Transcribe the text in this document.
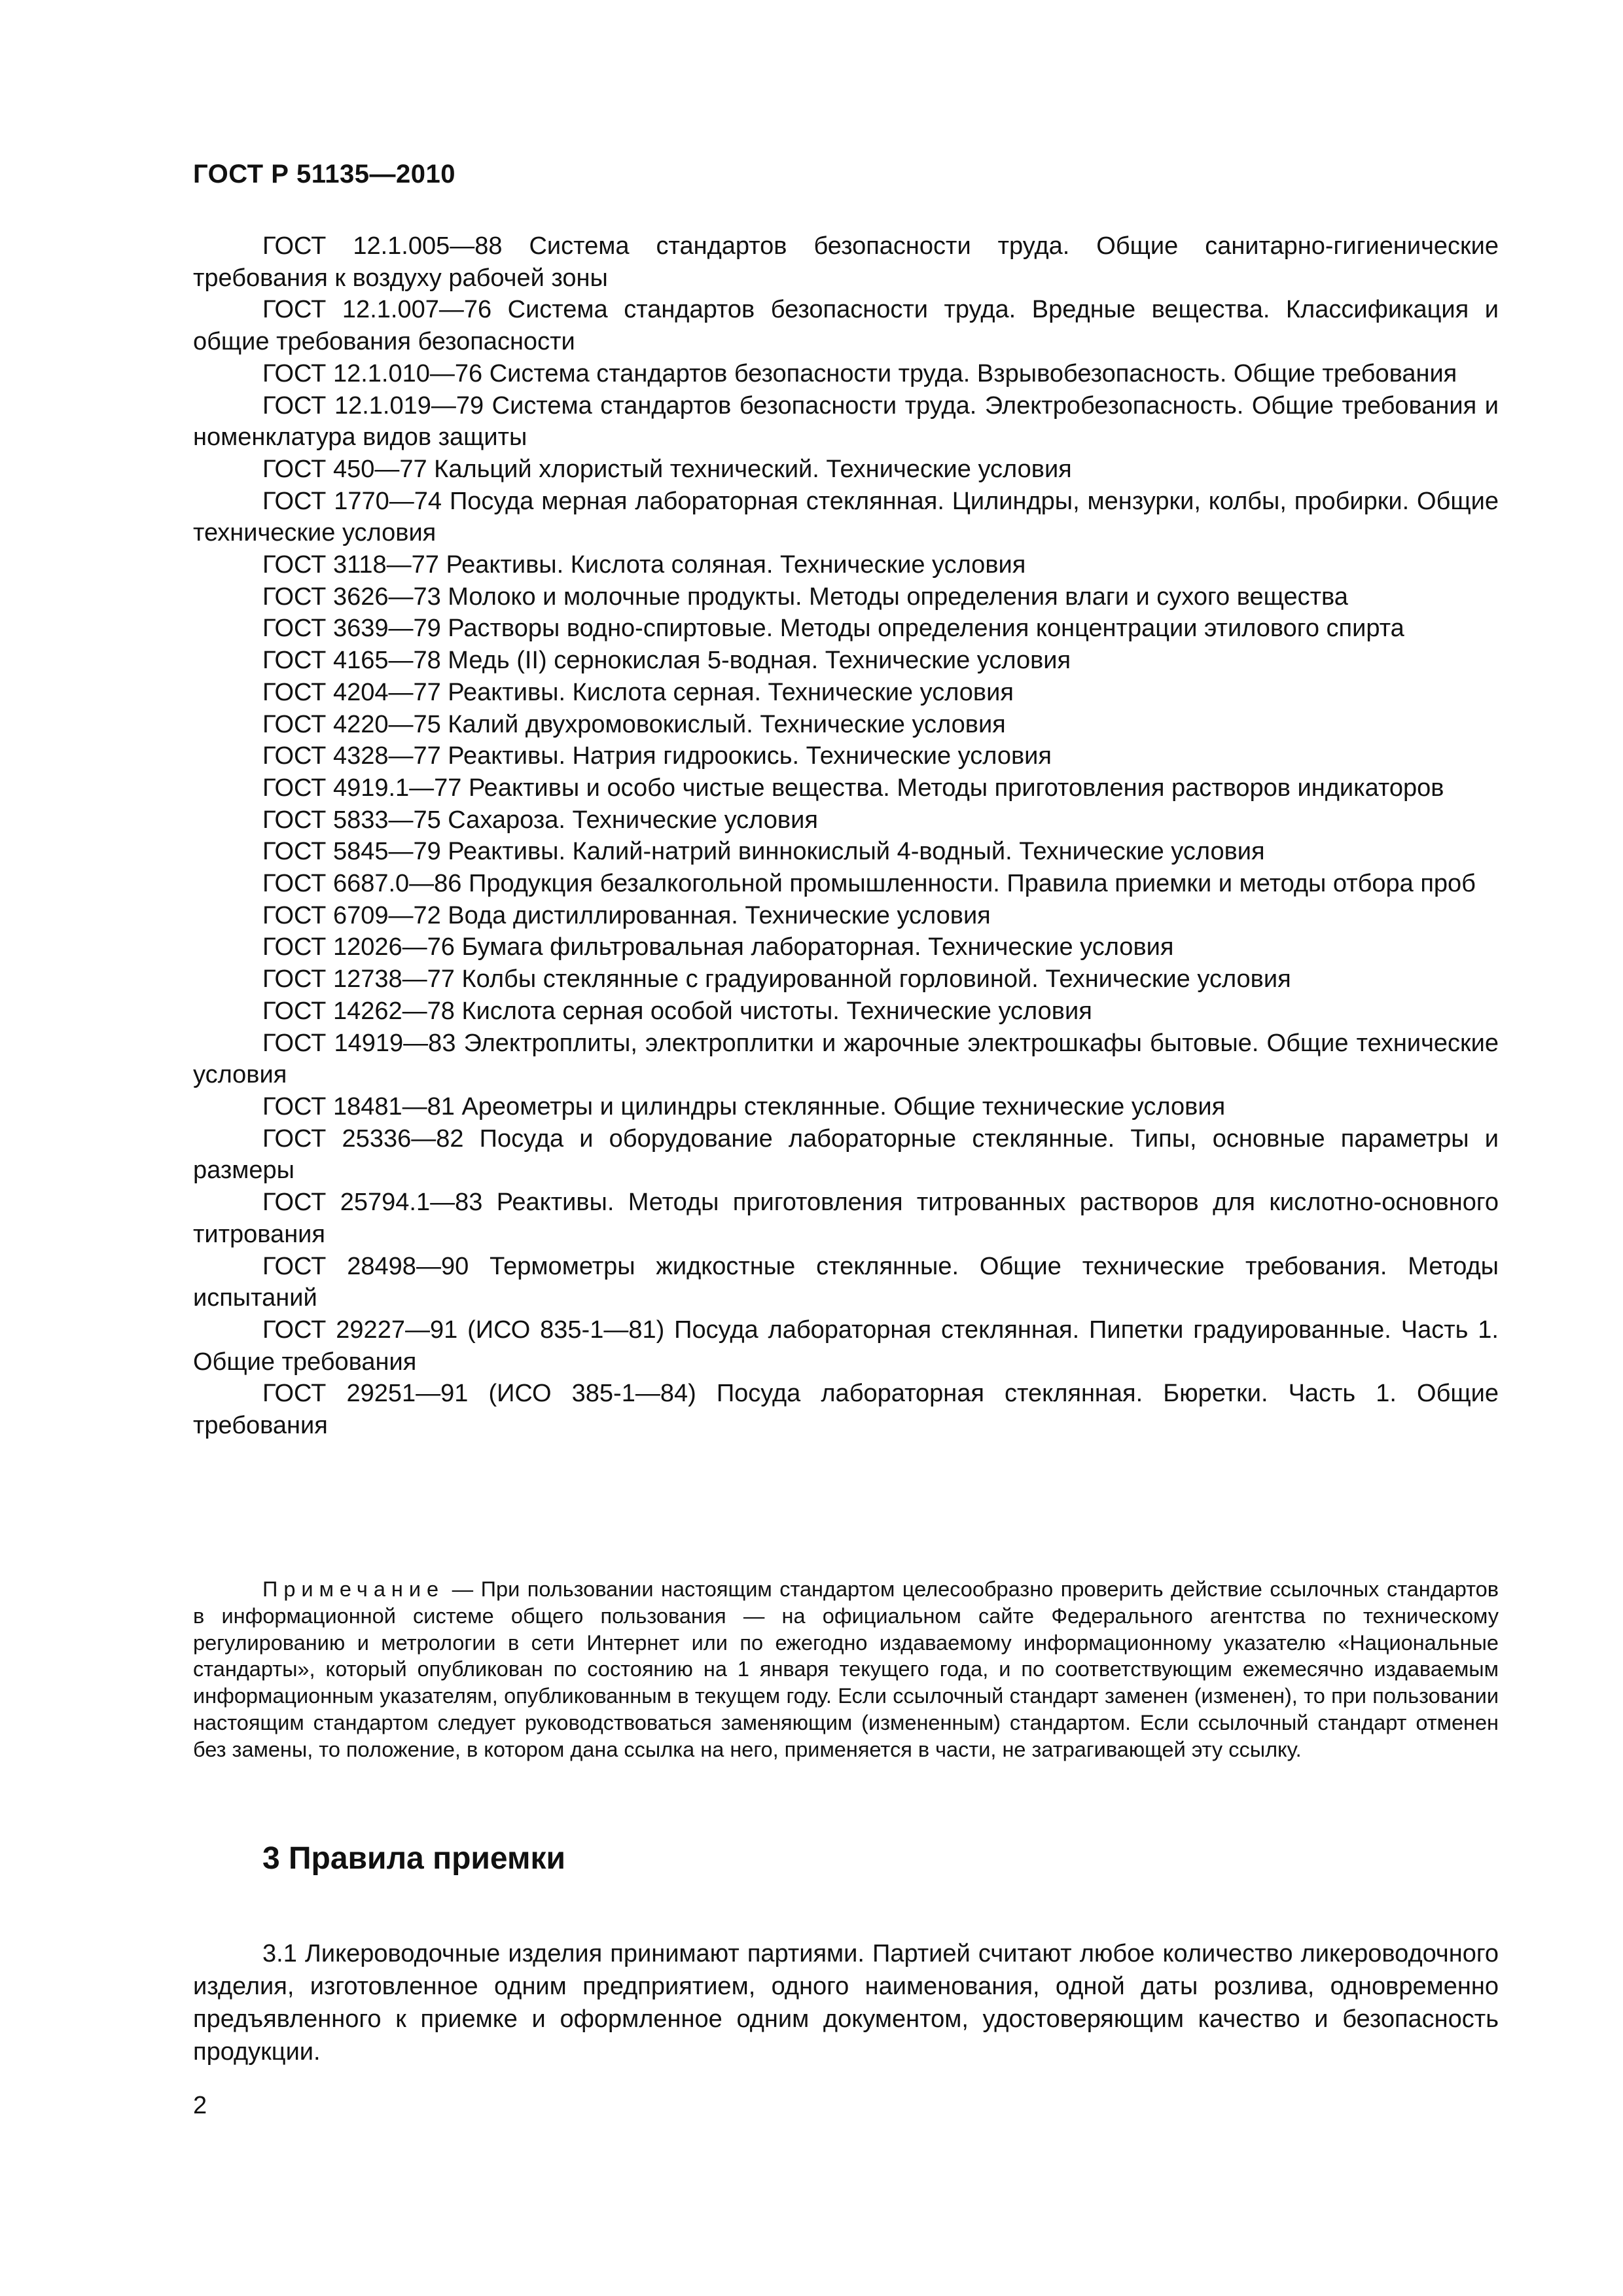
ГОСТ Р 51135—2010

ГОСТ 12.1.005—88 Система стандартов безопасности труда. Общие санитарно-гигиенические требования к воздуху рабочей зоны

ГОСТ 12.1.007—76 Система стандартов безопасности труда. Вредные вещества. Классификация и общие требования безопасности

ГОСТ 12.1.010—76 Система стандартов безопасности труда. Взрывобезопасность. Общие требования

ГОСТ 12.1.019—79 Система стандартов безопасности труда. Электробезопасность. Общие требования и номенклатура видов защиты

ГОСТ 450—77 Кальций хлористый технический. Технические условия

ГОСТ 1770—74 Посуда мерная лабораторная стеклянная. Цилиндры, мензурки, колбы, пробирки. Общие технические условия

ГОСТ 3118—77 Реактивы. Кислота соляная. Технические условия

ГОСТ 3626—73 Молоко и молочные продукты. Методы определения влаги и сухого вещества

ГОСТ 3639—79 Растворы водно-спиртовые. Методы определения концентрации этилового спирта

ГОСТ 4165—78 Медь (II) сернокислая 5-водная. Технические условия

ГОСТ 4204—77 Реактивы. Кислота серная. Технические условия

ГОСТ 4220—75 Калий двухромовокислый. Технические условия

ГОСТ 4328—77 Реактивы. Натрия гидроокись. Технические условия

ГОСТ 4919.1—77 Реактивы и особо чистые вещества. Методы приготовления растворов индикаторов

ГОСТ 5833—75 Сахароза. Технические условия

ГОСТ 5845—79 Реактивы. Калий-натрий виннокислый 4-водный. Технические условия

ГОСТ 6687.0—86 Продукция безалкогольной промышленности. Правила приемки и методы отбора проб

ГОСТ 6709—72 Вода дистиллированная. Технические условия

ГОСТ 12026—76 Бумага фильтровальная лабораторная. Технические условия

ГОСТ 12738—77 Колбы стеклянные с градуированной горловиной. Технические условия

ГОСТ 14262—78 Кислота серная особой чистоты. Технические условия

ГОСТ 14919—83 Электроплиты, электроплитки и жарочные электрошкафы бытовые. Общие технические условия

ГОСТ 18481—81 Ареометры и цилиндры стеклянные. Общие технические условия

ГОСТ 25336—82 Посуда и оборудование лабораторные стеклянные. Типы, основные параметры и размеры

ГОСТ 25794.1—83 Реактивы. Методы приготовления титрованных растворов для кислотно-основного титрования

ГОСТ 28498—90 Термометры жидкостные стеклянные. Общие технические требования. Методы испытаний

ГОСТ 29227—91 (ИСО 835-1—81) Посуда лабораторная стеклянная. Пипетки градуированные. Часть 1. Общие требования

ГОСТ 29251—91 (ИСО 385-1—84) Посуда лабораторная стеклянная. Бюретки. Часть 1. Общие требования

Примечание — При пользовании настоящим стандартом целесообразно проверить действие ссылочных стандартов в информационной системе общего пользования — на официальном сайте Федерального агентства по техническому регулированию и метрологии в сети Интернет или по ежегодно издаваемому информационному указателю «Национальные стандарты», который опубликован по состоянию на 1 января текущего года, и по соответствующим ежемесячно издаваемым информационным указателям, опубликованным в текущем году. Если ссылочный стандарт заменен (изменен), то при пользовании настоящим стандартом следует руководствоваться заменяющим (измененным) стандартом. Если ссылочный стандарт отменен без замены, то положение, в котором дана ссылка на него, применяется в части, не затрагивающей эту ссылку.

3 Правила приемки

3.1 Ликероводочные изделия принимают партиями. Партией считают любое количество ликероводочного изделия, изготовленное одним предприятием, одного наименования, одной даты розлива, одновременно предъявленного к приемке и оформленное одним документом, удостоверяющим качество и безопасность продукции.

2
